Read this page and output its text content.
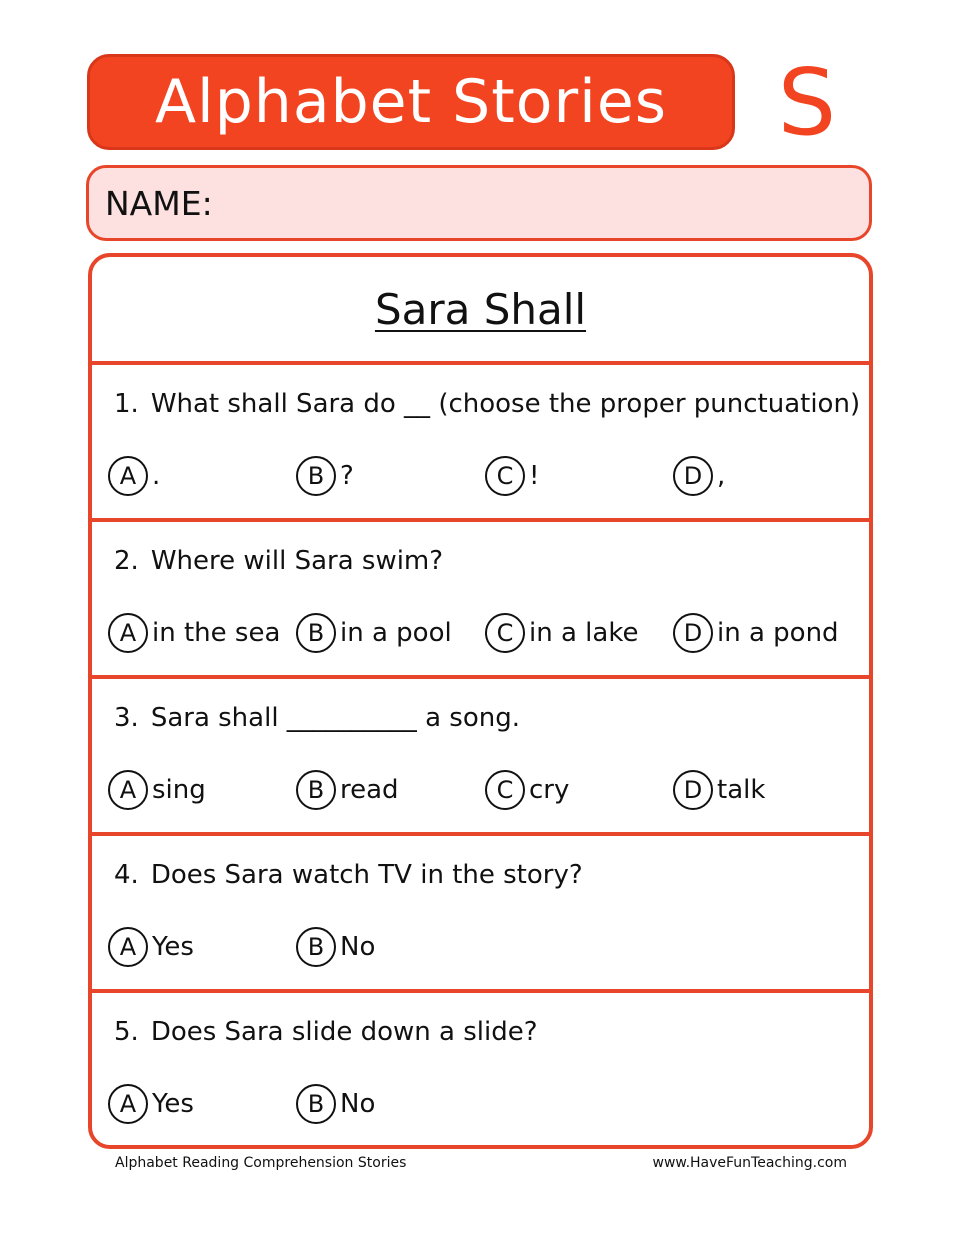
Alphabet Stories S
NAME:
Sara Shall
1. What shall Sara do __ (choose the proper punctuation)
A .	B ?	C !	D ,
2. Where will Sara swim?
A in the sea	B in a pool	C in a lake	D in a pond
3. Sara shall __________ a song.
A sing	B read	C cry	D talk
4. Does Sara watch TV in the story?
A Yes	B No
5. Does Sara slide down a slide?
A Yes	B No
Alphabet Reading Comprehension Stories	www.HaveFunTeaching.com
